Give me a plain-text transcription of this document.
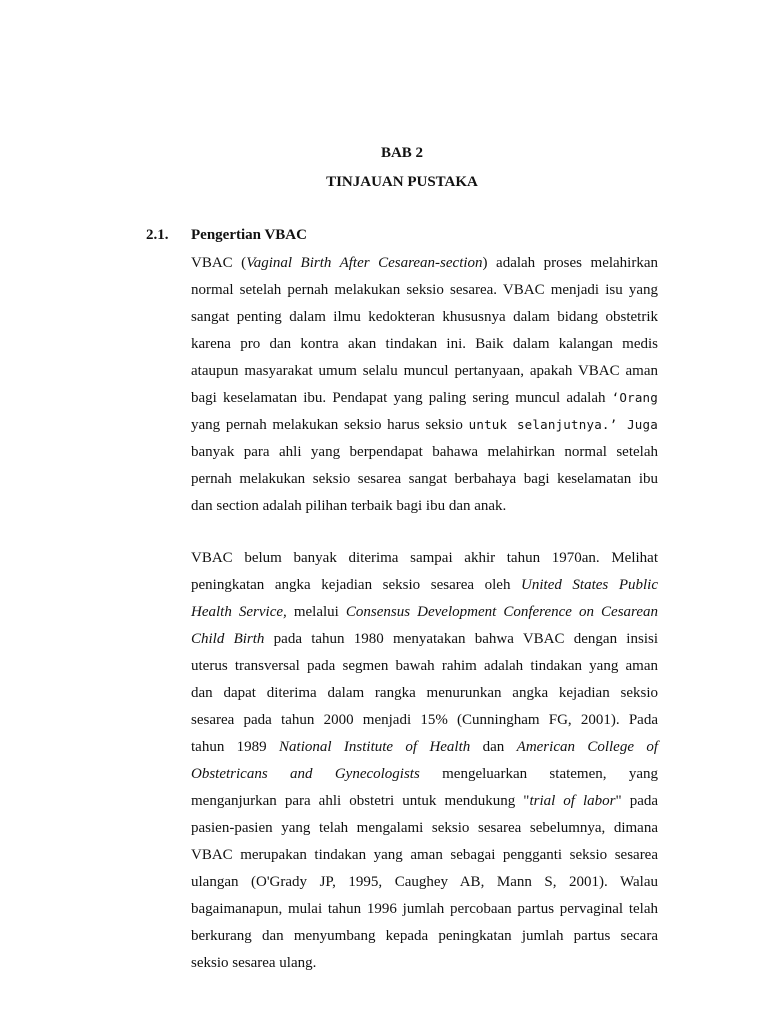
BAB 2

TINJAUAN PUSTAKA

2.1. Pengertian VBAC
VBAC (Vaginal Birth After Cesarean-section) adalah proses melahirkan
normal setelah pernah melakukan seksio sesarea. VBAC menjadi isu yang
sangat penting dalam ilmu kedokteran khususnya dalam bidang obstetrik
karena pro dan kontra akan tindakan ini. Baik dalam kalangan medis
ataupun masyarakat umum selalu muncul pertanyaan, apakah VBAC aman
bagi keselamatan ibu. Pendapat yang paling sering muncul adalah ‘Orang
yang pernah melakukan seksio harus seksio untuk selanjutnya.’ Juga
banyak para ahli yang berpendapat bahawa melahirkan normal setelah
pernah melakukan seksio sesarea sangat berbahaya bagi keselamatan ibu
dan section adalah pilihan terbaik bagi ibu dan anak.
VBAC belum banyak diterima sampai akhir tahun 1970an. Melihat
peningkatan angka kejadian seksio sesarea oleh United States Public
Health Service, melalui Consensus Development Conference on Cesarean
Child Birth pada tahun 1980 menyatakan bahwa VBAC dengan insisi
uterus transversal pada segmen bawah rahim adalah tindakan yang aman
dan dapat diterima dalam rangka menurunkan angka kejadian seksio
sesarea pada tahun 2000 menjadi 15% (Cunningham FG, 2001). Pada
tahun 1989 National Institute of Health dan American College of
Obstetricans and Gynecologists mengeluarkan statemen, yang
menganjurkan para ahli obstetri untuk mendukung "trial of labor" pada
pasien-pasien yang telah mengalami seksio sesarea sebelumnya, dimana
VBAC merupakan tindakan yang aman sebagai pengganti seksio sesarea
ulangan (O'Grady JP, 1995, Caughey AB, Mann S, 2001). Walau
bagaimanapun, mulai tahun 1996 jumlah percobaan partus pervaginal telah
berkurang dan menyumbang kepada peningkatan jumlah partus secara
seksio sesarea ulang.
